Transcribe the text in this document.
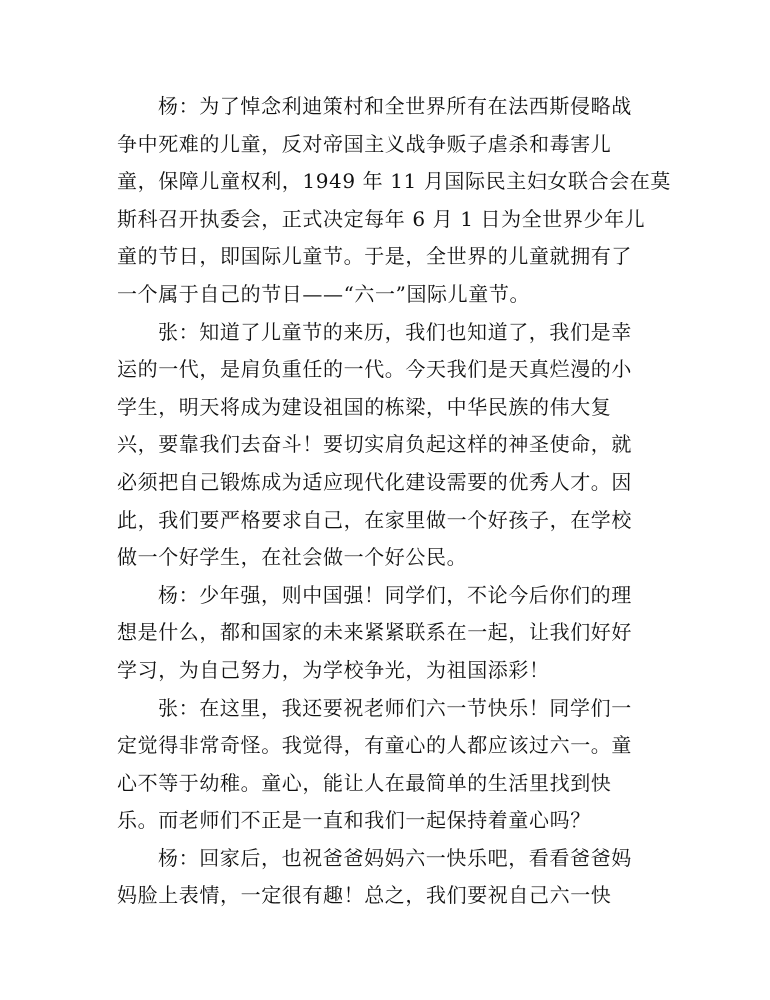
杨：为了悼念利迪策村和全世界所有在法西斯侵略战
争中死难的儿童，反对帝国主义战争贩子虐杀和毒害儿
童，保障儿童权利，1949 年 11 月国际民主妇女联合会在莫
斯科召开执委会，正式决定每年 6 月 1 日为全世界少年儿
童的节日，即国际儿童节。于是，全世界的儿童就拥有了
一个属于自己的节日——“六一”国际儿童节。
张：知道了儿童节的来历，我们也知道了，我们是幸
运的一代，是肩负重任的一代。今天我们是天真烂漫的小
学生，明天将成为建设祖国的栋梁，中华民族的伟大复
兴，要靠我们去奋斗！要切实肩负起这样的神圣使命，就
必须把自己锻炼成为适应现代化建设需要的优秀人才。因
此，我们要严格要求自己，在家里做一个好孩子，在学校
做一个好学生，在社会做一个好公民。
杨：少年强，则中国强！同学们，不论今后你们的理
想是什么，都和国家的未来紧紧联系在一起，让我们好好
学习，为自己努力，为学校争光，为祖国添彩！
张：在这里，我还要祝老师们六一节快乐！同学们一
定觉得非常奇怪。我觉得，有童心的人都应该过六一。童
心不等于幼稚。童心，能让人在最简单的生活里找到快
乐。而老师们不正是一直和我们一起保持着童心吗？
杨：回家后，也祝爸爸妈妈六一快乐吧，看看爸爸妈
妈脸上表情，一定很有趣！总之，我们要祝自己六一快
